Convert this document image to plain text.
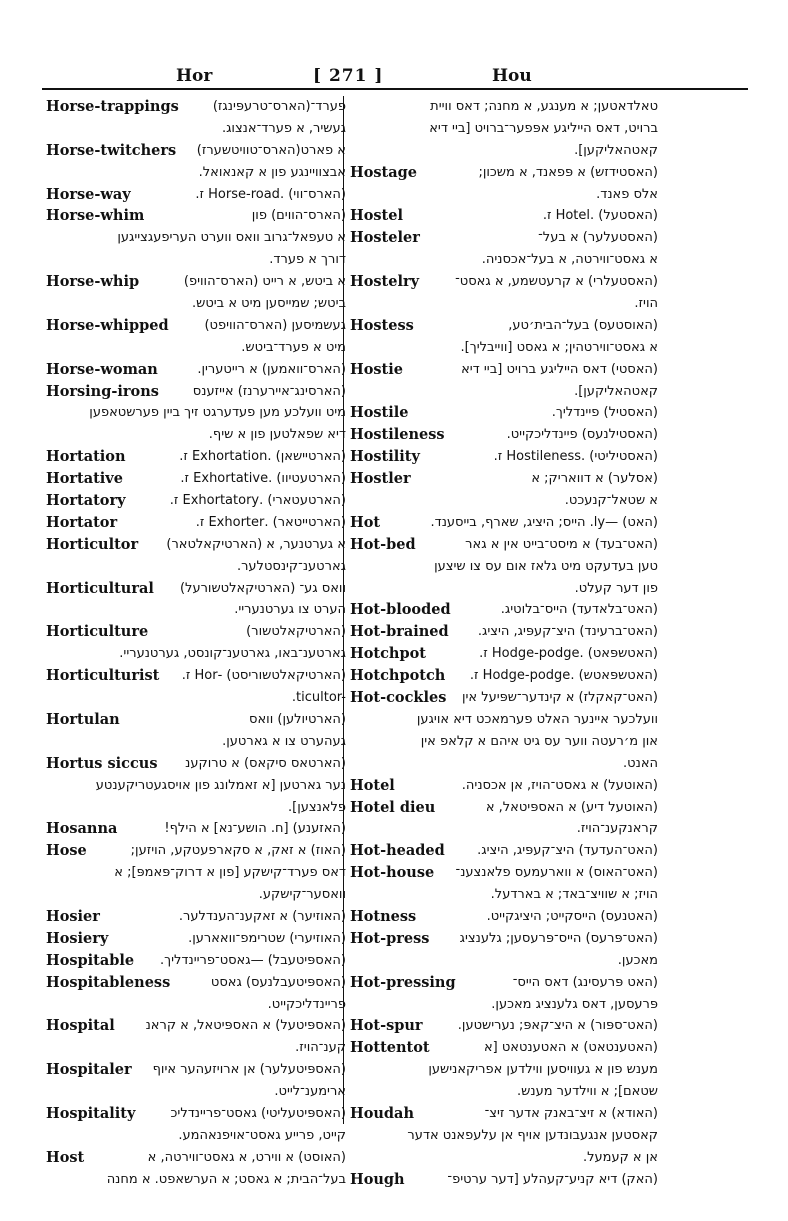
Hor	[ 271 ]	Hou
Horse-trappings	פערד־(הארס־טרעפּינגז)
געשיר, א פערד־אנצוג.
Horse-twitchers	א פארט(הארס־טוויטשערז)
אבצוויינגע פון א קאנאואל.
Horse-way	(הארס־ווי) .Horse-road ז.
Horse-whim	(הארס־הווים) פון
א טעפאל־גרוב וואס ווערט העריפעגצייגען
דורך א פערד.
Horse-whip	א ביטש, א רייט (הארס־הוויפ)
ביטש; שמייסען מיט א ביטש.
Horse-whipped	געשמיסען (הארס־הוויפט)
מיט א פערד־ביטש.
Horse-woman	(הארס־וואמען) א רייטערין.
Horsing-irons	(הארסינג־איירערנז) אייזענס
מיט וועלכע מען פעדערגט זיך ביין פערשטאפען
דיא שפאלטען פון א שיף.
Hortation	(הארטיישאן) .Exhortation ז.
Hortative	(הארטעטיוו) .Exhortative ז.
Hortatory	(הארטעטארי) .Exhortatory ז.
Hortator	(הארטייטאר) .Exhorter ז.
Horticultor	א גערטנער, א (הארטיקאלטאר)
גארטענ־קינסטלער.
Horticultural	וואס גע־ (הארטיקאלטשורעל)
הערט צו גערטנעריי.
Horticulture	(הארטיקאלטשור)
גארטענ־באו, גארטענ־קונסט, גערטנעריי.
Horticulturist	(הארטיקאלטשוריסט) -Hor ז.
.ticultor-
Hortulan	(הארטיולען) וואס
געהערט צו א גארטען.
Hortus siccus	(הארטאס סיקאס) א טרוקענ
נער גארטען [א זאמלונג פון אויסגעטריקענטע
פלאנצען].
Hosanna	(האזענע) [ח. הושע־נא] א הילף!
Hose	(האוז) א זאק, א סקארפעטקע, הויזען;
דאס פערד־קישקע [פון א דרוק־פּאמפּ]; א
וואסער־קישקע.
Hosier	(האוזיער) א זאקענ־הענדלער.
Hosiery	(האוזיערי) שטרימפ־וואארען.
Hospitable	(האספּיטעבל) —גאסט־פריינדליך.
Hospitableness	(האספּיטעבלנעס) גאסט
פריינדליכקייט.
Hospital	(האספּיטעל) א האספּיטאל, א קראנ
קענ־הויז.
Hospitaler	(האספּיטעלער) אן ארויזעהער איוף
ארימענ־לייט.
Hospitality	(האספּיטעליטי) גאסט־פריינדליכ
קייט, פרייע גאסט־אויפנאהמע.
Host	(האוסט) א ווירט, א גאסט־ווירטה, א
בעל־הבית; א גאסט; א הערשאפט. א מחנה
טאלדאטען; א מענגע, א מחנה; דאס וויית
ברויט, דאס הייליגע אפּפער־ברויט [ביי דיא
קאטהאליקען].
Hostage	(האסטידזש) א פּפאנד, א משכון;
אלס פאנד.
Hostel	(האסטעל) .Hotel ז.
Hosteler	(האסטעלער) א בעל־
א גאסט־ווירטה, א בעל־אכסניה.
Hostelry	(האסטעלרי) א קרעטשמע, א גאסט־
הויז.
Hostess	(האוסטעס) בעל־הבית׳טע,
א גאסט־ווירטהין; א גאסט [ווייבליך].
Hostie	(האסטי) דאס הייליגע ברויט [ביי דיא
קאטהאליקען].
Hostile	(האסטיל) פיינדליך.
Hostileness	(האסטילנעס) פיינדליכקייט.
Hostility	(האסטיליטי) .Hostileness ז.
Hostler	(אסלער) א דוואריק; א
א שטאל־קנעכט.
Hot	(האט) —ly. הייס; היציג, שארף, בייסענד.
Hot-bed	(האט־בעד) א מיסט־בייט אין א גאר
טען בעדעקט מיט גלאז אום עס צו שיצען
פון דער קעלט.
Hot-blooded	(האט־בלאדעד) הייס־בלוטיג.
Hot-brained	(האט־ברעינד) היצ־קעפּיג, היציג.
Hotchpot	(האטשפּאט) .Hodge-podge ז.
Hotchpotch	(האטשפּאטש) .Hodge-podge ז.
Hot-cockles	(האט־קאקלז) א קינדער־שפּיעל אין
וועלכער איינער האלט פערמאכט דיא אויגען
און מ׳רעטה ווער עס גיט איהם א קלאפ אין
האנט.
Hotel	(האוטעל) א גאסט־הויז, אן אכסניה.
Hotel dieu	(האוטעל דיע) א האספּיטאל, א
קראנקענ־הויז.
Hot-headed	(האט־העדעד) היצ־קעפּיג, היציג.
Hot-house	(האט־האוס) א ווארעמעס פלאנצענ־
הויז; א שוויצ־באד; א בארדעל.
Hotness	(האטנעס) הייסקייט; היציגקייט.
Hot-press	(האט־פּרעס) הייס־פּרעסען; גלענציג
מאכען.
Hot-pressing	(האט פּרעסינג) דאס הייס־
פּרעסען, דאס גלענציג מאכען.
Hot-spur	(האט־ספּור) א היצ־קאפּ; נערישטען.
Hottentot	(האטענטאט) א האטענטאט [א
מענש פון א געוויסען ווילדען אפריקאנישען
שטאם]; א ווילדער מענש.
Houdah	(האודא) א זיצ־באנק אדער זיצ־
קאסטען אנגעבונדען אויף אן עלעפאנט אדער
אן א קעמעל.
Hough	(האק) דיא קניע־קעהלע [דער ערטיפ־
